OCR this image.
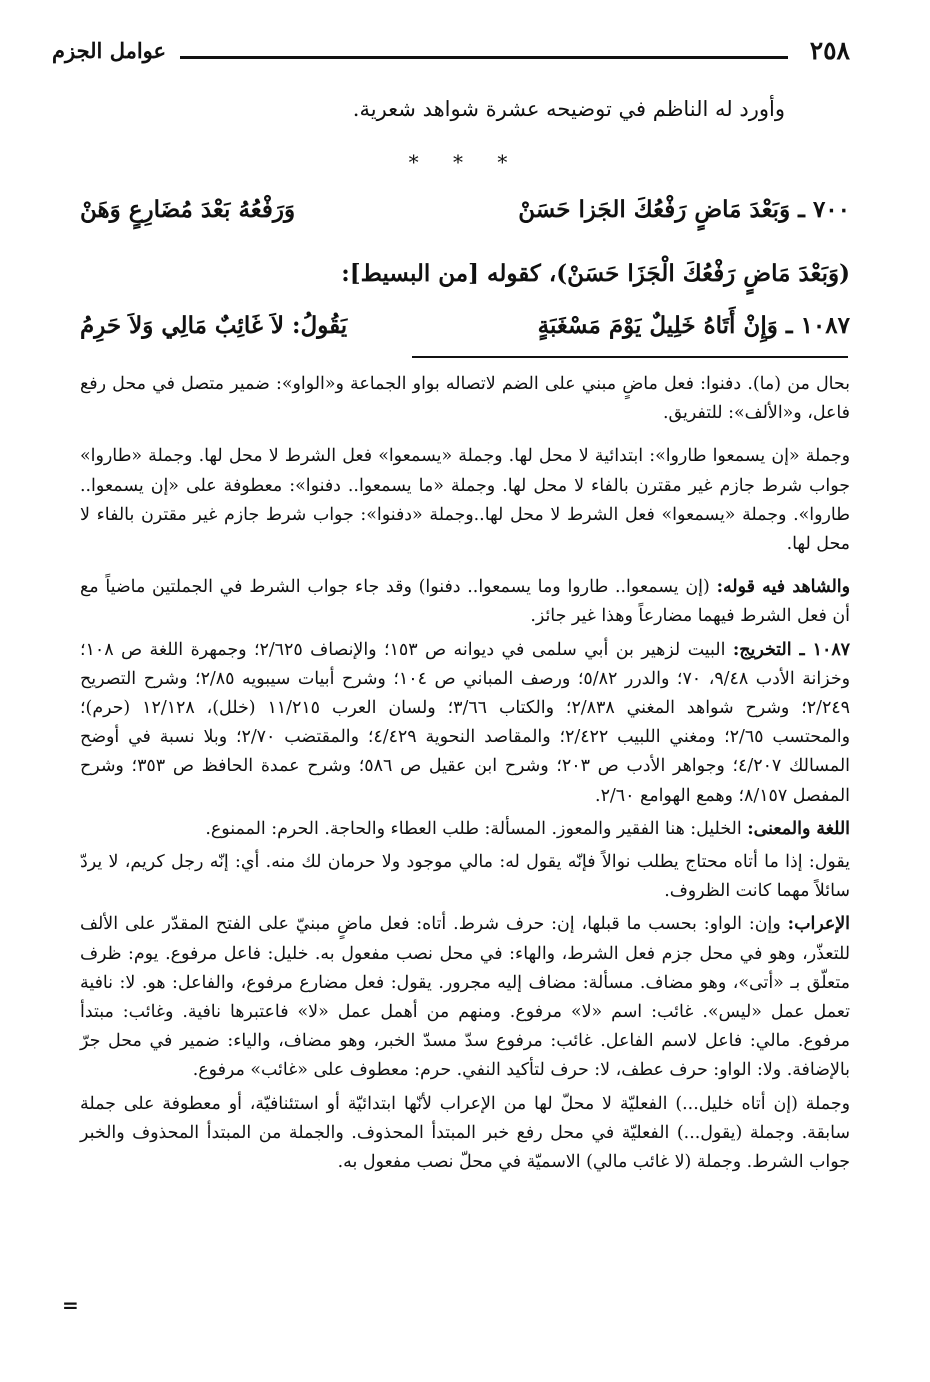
٢٥٨
عوامل الجزم
وأورد له الناظم في توضيحه عشرة شواهد شعرية.
* * *
٧٠٠ ـ وَبَعْدَ مَاضٍ رَفْعُكَ الجَزا حَسَنْ
وَرَفْعُهُ بَعْدَ مُضَارِعٍ وَهَنْ
(وَبَعْدَ مَاضٍ رَفْعُكَ الْجَزَا حَسَنْ)، كقوله [من البسيط]:
١٠٨٧ ـ وَإِنْ أَتَاهُ خَلِيلٌ يَوْمَ مَسْغَبَةٍ
يَقُولُ: لاَ غَائِبٌ مَالِي وَلاَ حَرِمُ

بحال من (ما). دفنوا: فعل ماضٍ مبني على الضم لاتصاله بواو الجماعة و«الواو»: ضمير متصل في محل رفع فاعل، و«الألف»: للتفريق.

وجملة «إن يسمعوا طاروا»: ابتدائية لا محل لها. وجملة «يسمعوا» فعل الشرط لا محل لها. وجملة «طاروا» جواب شرط جازم غير مقترن بالفاء لا محل لها. وجملة «ما يسمعوا.. دفنوا»: معطوفة على «إن يسمعوا.. طاروا». وجملة «يسمعوا» فعل الشرط لا محل لها..وجملة «دفنوا»: جواب شرط جازم غير مقترن بالفاء لا محل لها.

والشاهد فيه قوله: (إن يسمعوا.. طاروا وما يسمعوا.. دفنوا) وقد جاء جواب الشرط في الجملتين ماضياً مع أن فعل الشرط فيهما مضارعاً وهذا غير جائز.

١٠٨٧ ـ التخريج: البيت لزهير بن أبي سلمى في ديوانه ص ١٥٣؛ والإنصاف ٢/٦٢٥؛ وجمهرة اللغة ص ١٠٨؛ وخزانة الأدب ٩/٤٨، ٧٠؛ والدرر ٥/٨٢؛ ورصف المباني ص ١٠٤؛ وشرح أبيات سيبويه ٢/٨٥؛ وشرح التصريح ٢/٢٤٩؛ وشرح شواهد المغني ٢/٨٣٨؛ والكتاب ٣/٦٦؛ ولسان العرب ١١/٢١٥ (خلل)، ١٢/١٢٨ (حرم)؛ والمحتسب ٢/٦٥؛ ومغني اللبيب ٢/٤٢٢؛ والمقاصد النحوية ٤/٤٢٩؛ والمقتضب ٢/٧٠؛ وبلا نسبة في أوضح المسالك ٤/٢٠٧؛ وجواهر الأدب ص ٢٠٣؛ وشرح ابن عقيل ص ٥٨٦؛ وشرح عمدة الحافظ ص ٣٥٣؛ وشرح المفصل ٨/١٥٧؛ وهمع الهوامع ٢/٦٠.

اللغة والمعنى: الخليل: هنا الفقير والمعوز. المسألة: طلب العطاء والحاجة. الحرم: الممنوع.

يقول: إذا ما أتاه محتاج يطلب نوالاً فإنّه يقول له: مالي موجود ولا حرمان لك منه. أي: إنّه رجل كريم، لا يردّ سائلاً مهما كانت الظروف.

الإعراب: وإن: الواو: بحسب ما قبلها، إن: حرف شرط. أتاه: فعل ماضٍ مبنيّ على الفتح المقدّر على الألف للتعذّر، وهو في محل جزم فعل الشرط، والهاء: في محل نصب مفعول به. خليل: فاعل مرفوع. يوم: ظرف متعلّق بـ «أتى»، وهو مضاف. مسألة: مضاف إليه مجرور. يقول: فعل مضارع مرفوع، والفاعل: هو. لا: نافية تعمل عمل «ليس». غائب: اسم «لا» مرفوع. ومنهم من أهمل عمل «لا» فاعتبرها نافية. وغائب: مبتدأ مرفوع. مالي: فاعل لاسم الفاعل. غائب: مرفوع سدّ مسدّ الخبر، وهو مضاف، والياء: ضمير في محل جرّ بالإضافة. ولا: الواو: حرف عطف، لا: حرف لتأكيد النفي. حرم: معطوف على «غائب» مرفوع.

وجملة (إن أتاه خليل...) الفعليّة لا محلّ لها من الإعراب لأنّها ابتدائيّة أو استئنافيّة، أو معطوفة على جملة سابقة. وجملة (يقول...) الفعليّة في محل رفع خبر المبتدأ المحذوف. والجملة من المبتدأ المحذوف والخبر جواب الشرط. وجملة (لا غائب مالي) الاسميّة في محلّ نصب مفعول به.

=
